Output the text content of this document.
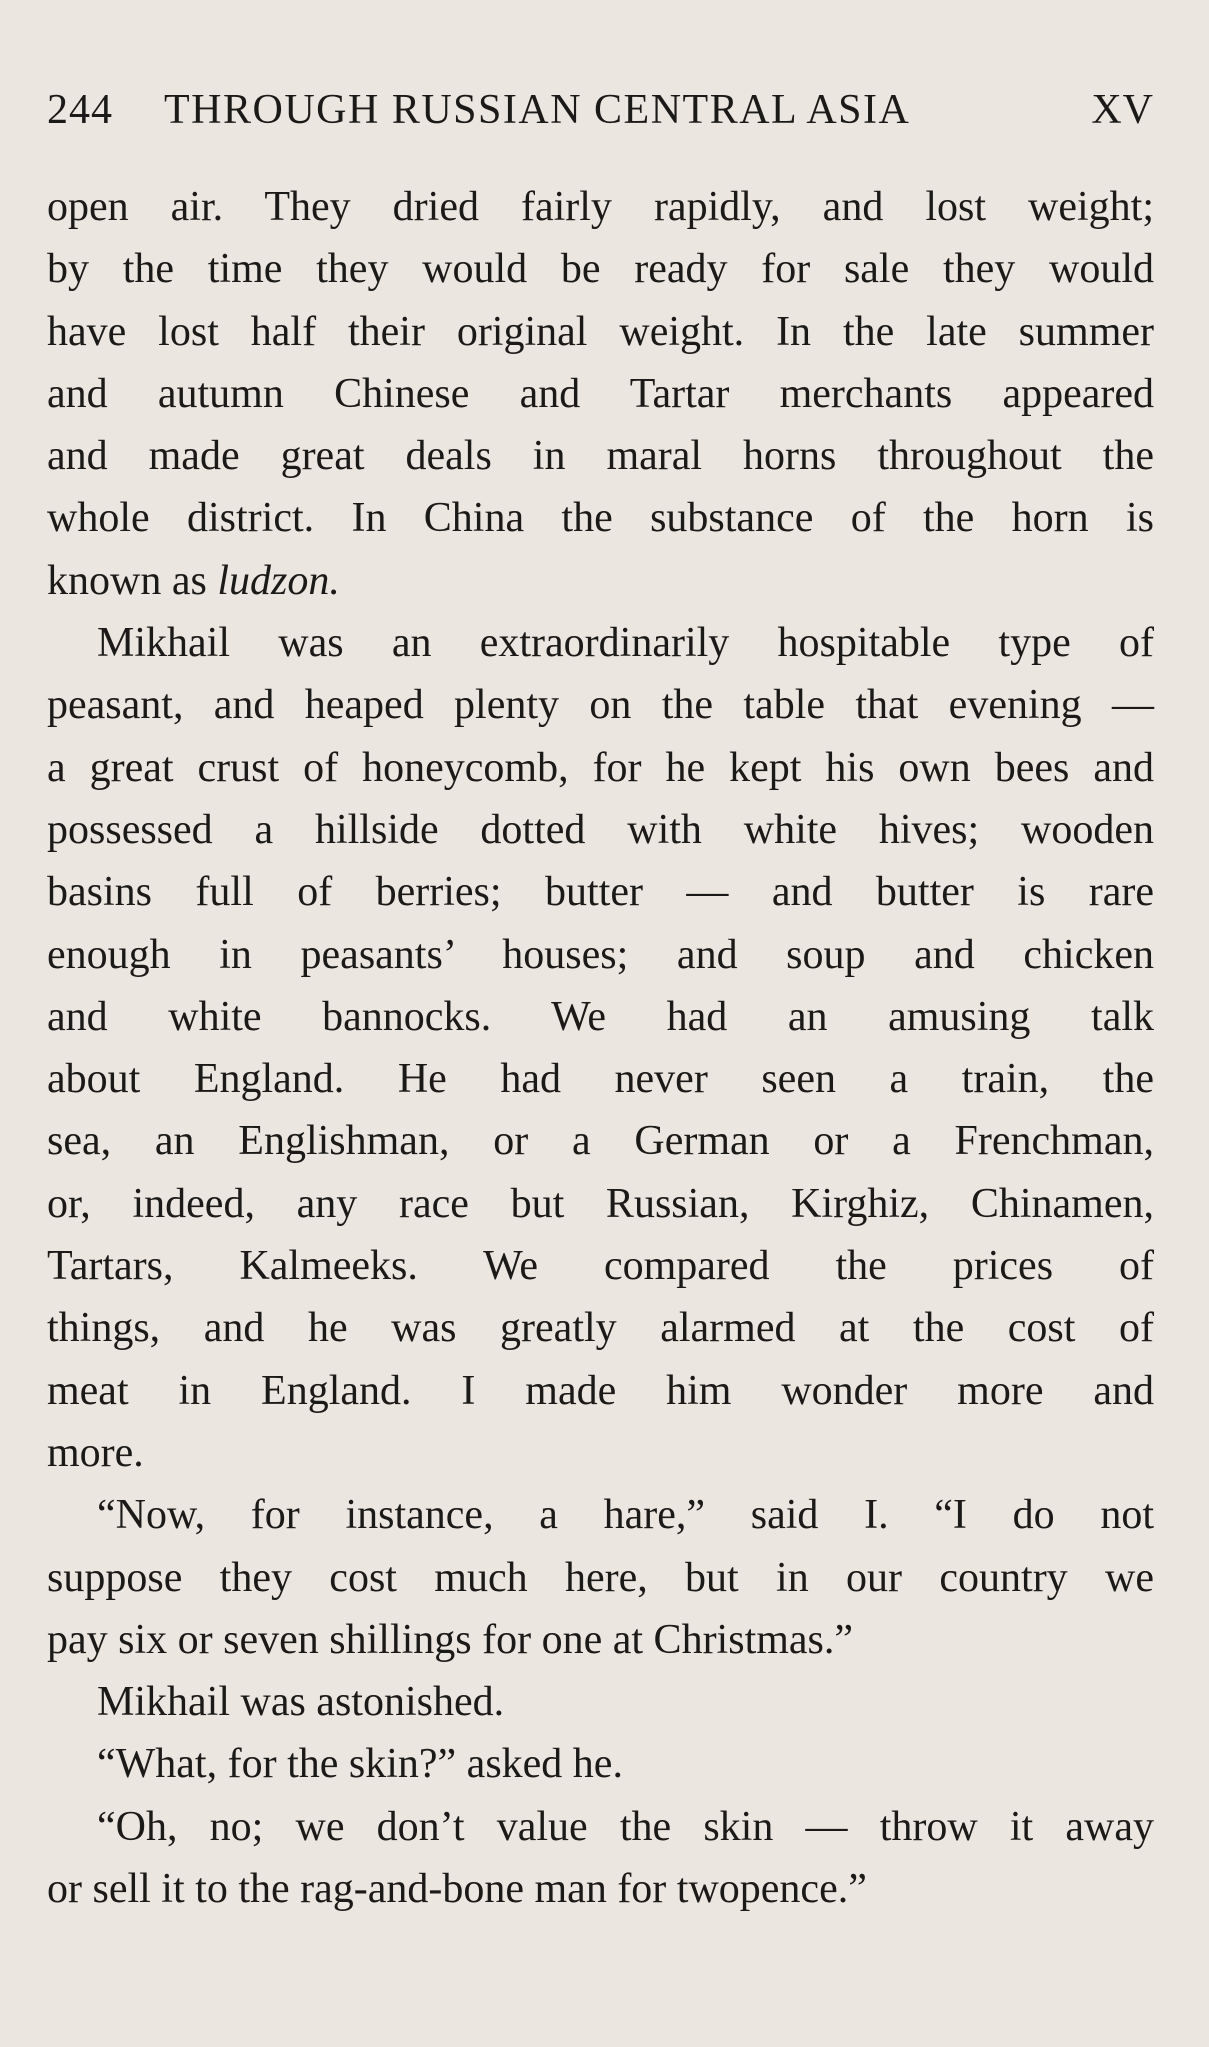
244 THROUGH RUSSIAN CENTRAL ASIA	XV
open air. They dried fairly rapidly, and lost weight;
by the time they would be ready for sale they would
have lost half their original weight. In the late summer
and autumn Chinese and Tartar merchants appeared
and made great deals in maral horns throughout the
whole district. In China the substance of the horn is
known as ludzon.
Mikhail was an extraordinarily hospitable type of
peasant, and heaped plenty on the table that evening —
a great crust of honeycomb, for he kept his own bees and
possessed a hillside dotted with white hives; wooden
basins full of berries; butter — and butter is rare
enough in peasants’ houses; and soup and chicken
and white bannocks. We had an amusing talk
about England. He had never seen a train, the
sea, an Englishman, or a German or a Frenchman,
or, indeed, any race but Russian, Kirghiz, Chinamen,
Tartars, Kalmeeks. We compared the prices of
things, and he was greatly alarmed at the cost of
meat in England. I made him wonder more and
more.
“Now, for instance, a hare,” said I. “I do not
suppose they cost much here, but in our country we
pay six or seven shillings for one at Christmas.”
Mikhail was astonished.
“What, for the skin?” asked he.
“Oh, no; we don’t value the skin — throw it away
or sell it to the rag-and-bone man for twopence.”
